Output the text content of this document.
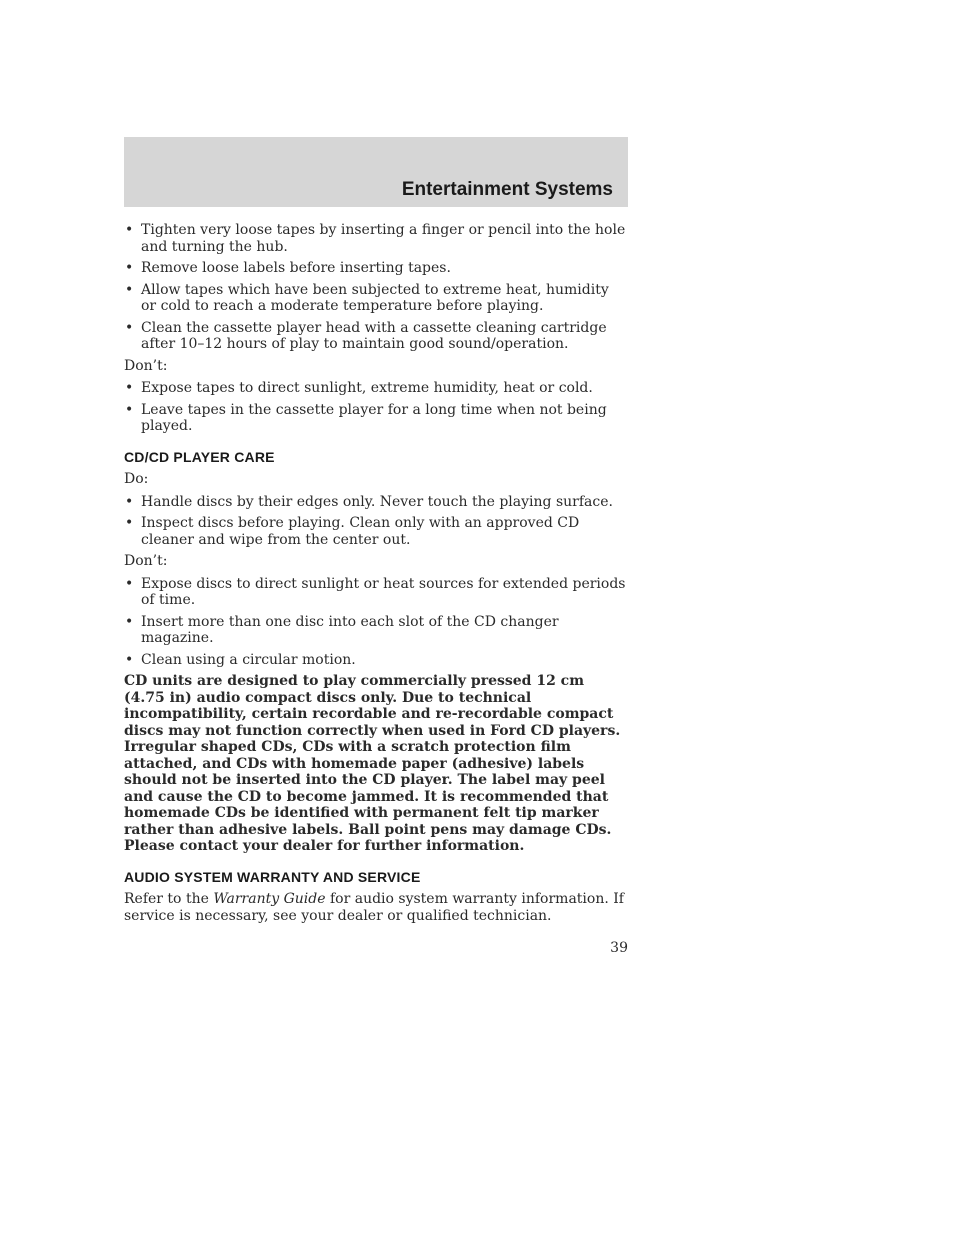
Entertainment Systems
• Tighten very loose tapes by inserting a finger or pencil into the hole and turning the hub.
• Remove loose labels before inserting tapes.
• Allow tapes which have been subjected to extreme heat, humidity or cold to reach a moderate temperature before playing.
• Clean the cassette player head with a cassette cleaning cartridge after 10–12 hours of play to maintain good sound/operation.

Don’t:

• Expose tapes to direct sunlight, extreme humidity, heat or cold.
• Leave tapes in the cassette player for a long time when not being played.
CD/CD PLAYER CARE

Do:

• Handle discs by their edges only. Never touch the playing surface.
• Inspect discs before playing. Clean only with an approved CD cleaner and wipe from the center out.

Don’t:

• Expose discs to direct sunlight or heat sources for extended periods of time.
• Insert more than one disc into each slot of the CD changer magazine.
• Clean using a circular motion.

CD units are designed to play commercially pressed 12 cm (4.75 in) audio compact discs only. Due to technical incompatibility, certain recordable and re-recordable compact discs may not function correctly when used in Ford CD players. Irregular shaped CDs, CDs with a scratch protection film attached, and CDs with homemade paper (adhesive) labels should not be inserted into the CD player. The label may peel and cause the CD to become jammed. It is recommended that homemade CDs be identified with permanent felt tip marker rather than adhesive labels. Ball point pens may damage CDs. Please contact your dealer for further information.

AUDIO SYSTEM WARRANTY AND SERVICE

Refer to the Warranty Guide for audio system warranty information. If service is necessary, see your dealer or qualified technician.

39
